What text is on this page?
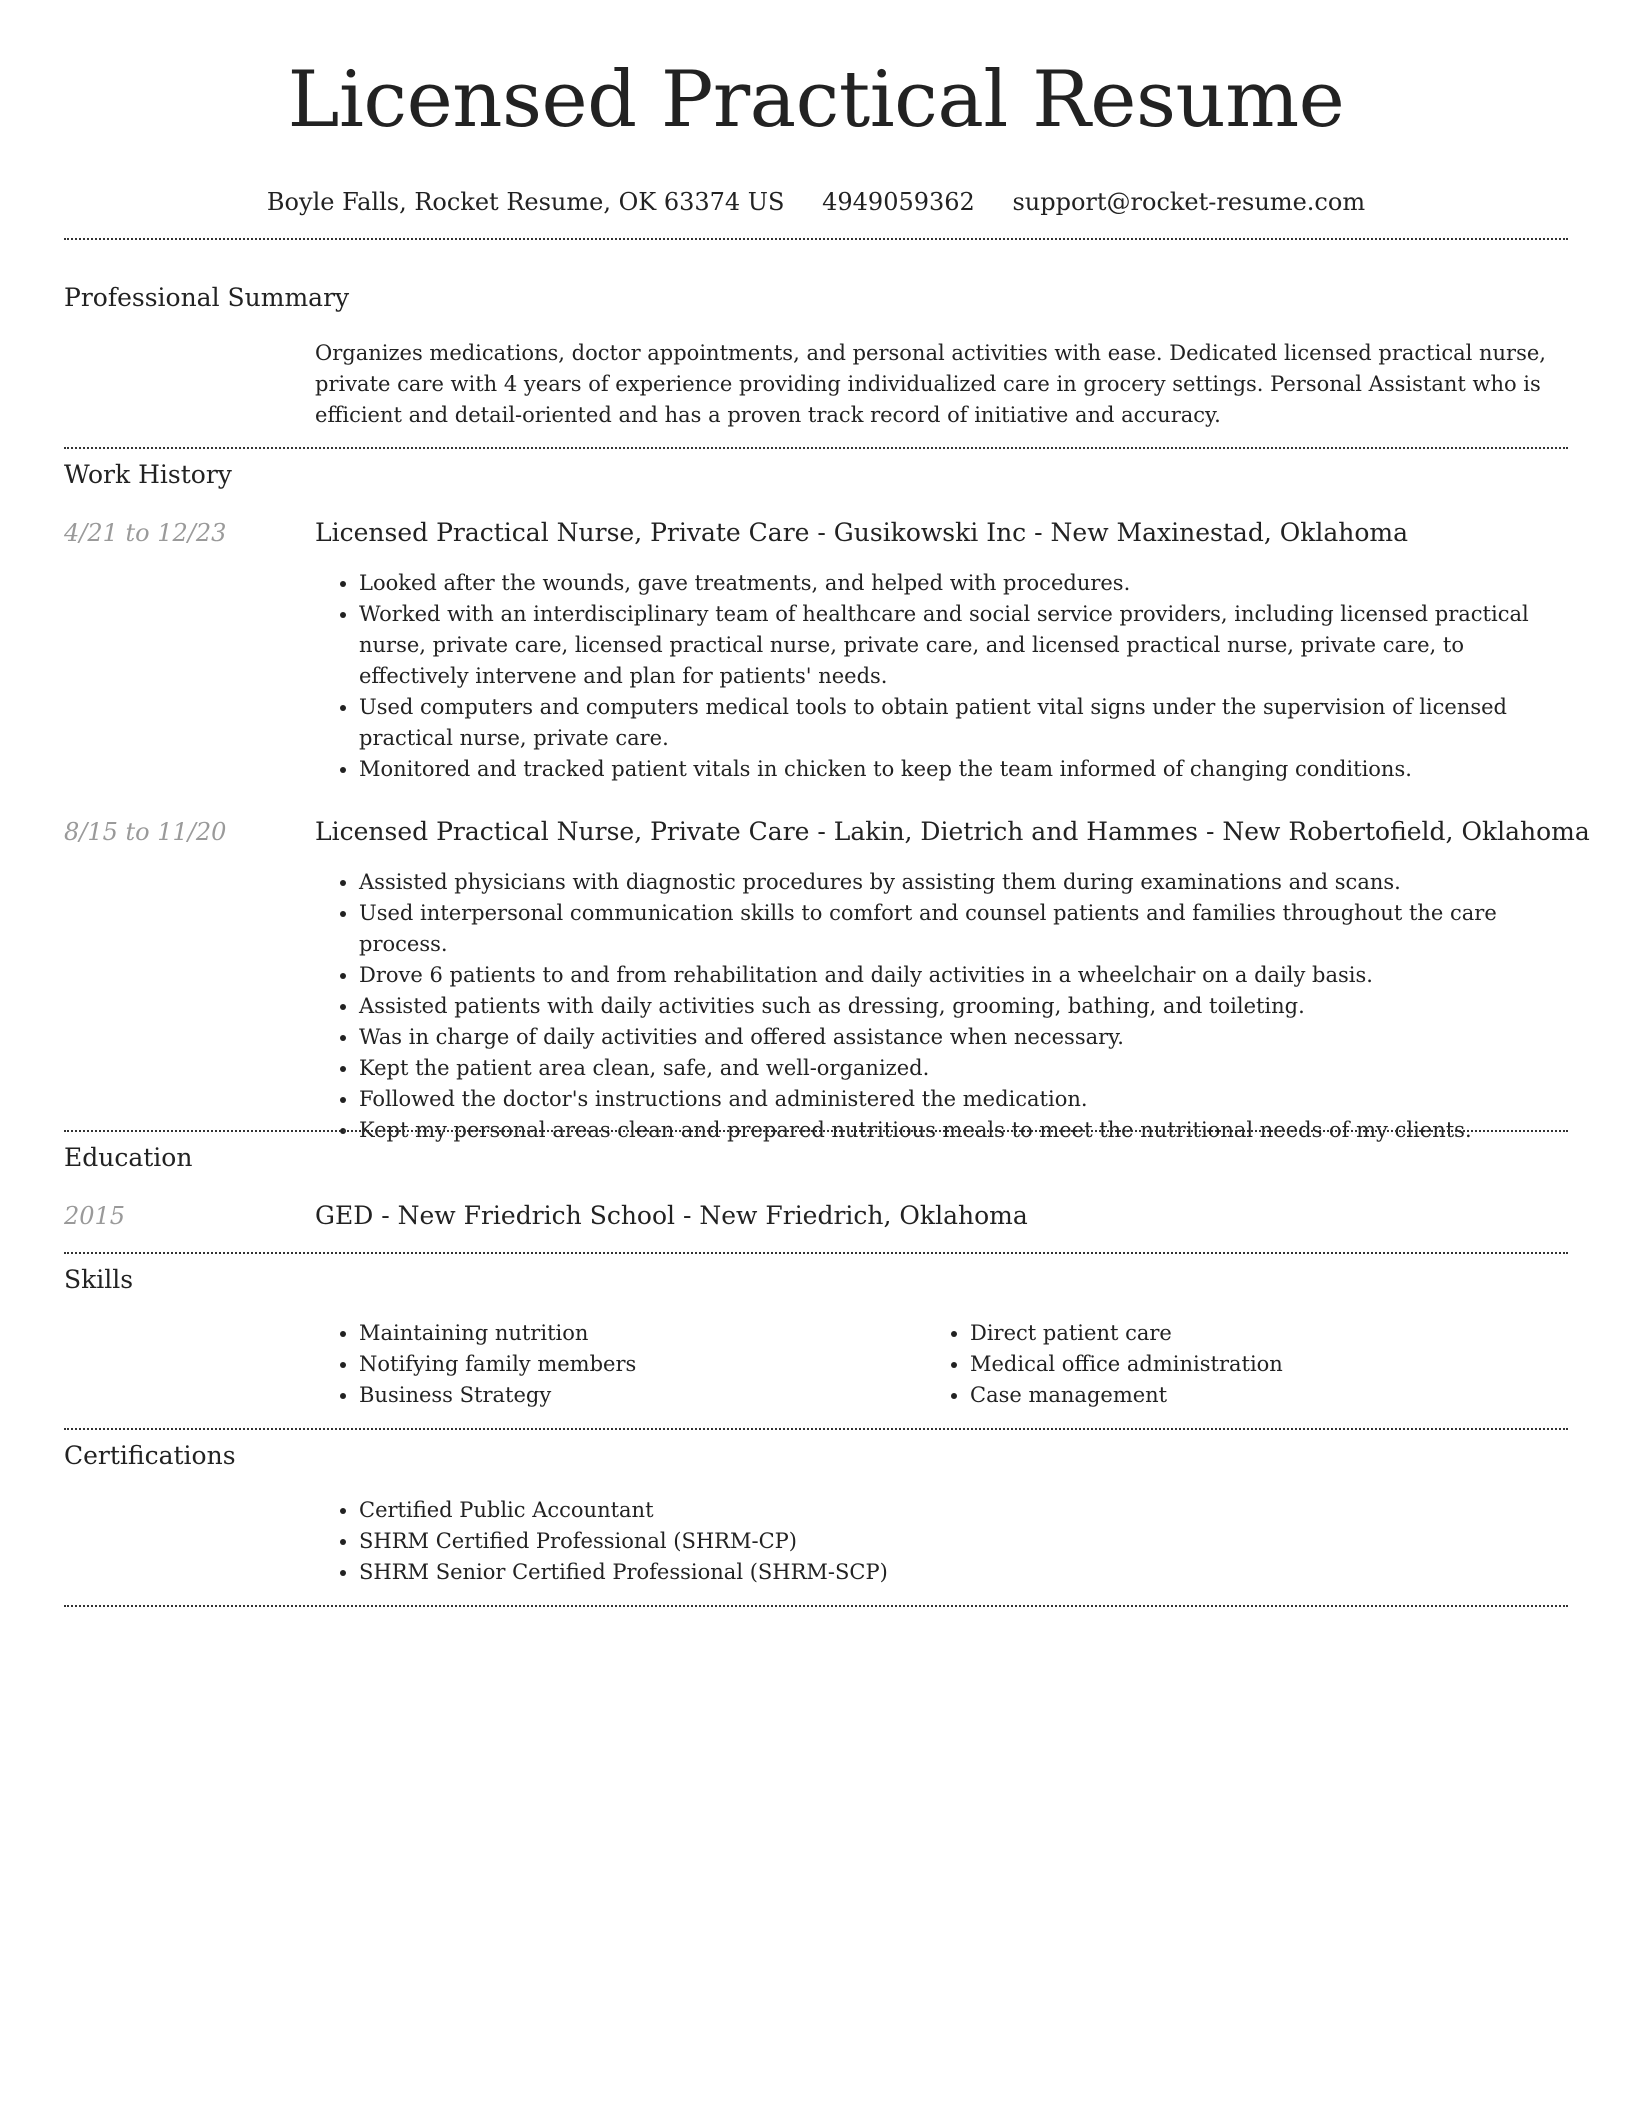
Licensed Practical Resume
Boyle Falls, Rocket Resume, OK 63374 US 4949059362 support@rocket-resume.com
Professional Summary

Organizes medications, doctor appointments, and personal activities with ease. Dedicated licensed practical nurse, private care with 4 years of experience providing individualized care in grocery settings. Personal Assistant who is efficient and detail-oriented and has a proven track record of initiative and accuracy.

Work History
4/21 to 12/23	Licensed Practical Nurse, Private Care - Gusikowski Inc - New Maxinestad, Oklahoma
• Looked after the wounds, gave treatments, and helped with procedures.
• Worked with an interdisciplinary team of healthcare and social service providers, including licensed practical nurse, private care, licensed practical nurse, private care, and licensed practical nurse, private care, to effectively intervene and plan for patients' needs.
• Used computers and computers medical tools to obtain patient vital signs under the supervision of licensed practical nurse, private care.
• Monitored and tracked patient vitals in chicken to keep the team informed of changing conditions.
8/15 to 11/20	Licensed Practical Nurse, Private Care - Lakin, Dietrich and Hammes - New Robertofield, Oklahoma
• Assisted physicians with diagnostic procedures by assisting them during examinations and scans.
• Used interpersonal communication skills to comfort and counsel patients and families throughout the care process.
• Drove 6 patients to and from rehabilitation and daily activities in a wheelchair on a daily basis.
• Assisted patients with daily activities such as dressing, grooming, bathing, and toileting.
• Was in charge of daily activities and offered assistance when necessary.
• Kept the patient area clean, safe, and well-organized.
• Followed the doctor's instructions and administered the medication.
• Kept my personal areas clean and prepared nutritious meals to meet the nutritional needs of my clients.
Education
2015	GED - New Friedrich School - New Friedrich, Oklahoma
Skills
• Maintaining nutrition
• Notifying family members
• Business Strategy
• Direct patient care
• Medical office administration
• Case management
Certifications
• Certified Public Accountant
• SHRM Certified Professional (SHRM-CP)
• SHRM Senior Certified Professional (SHRM-SCP)
